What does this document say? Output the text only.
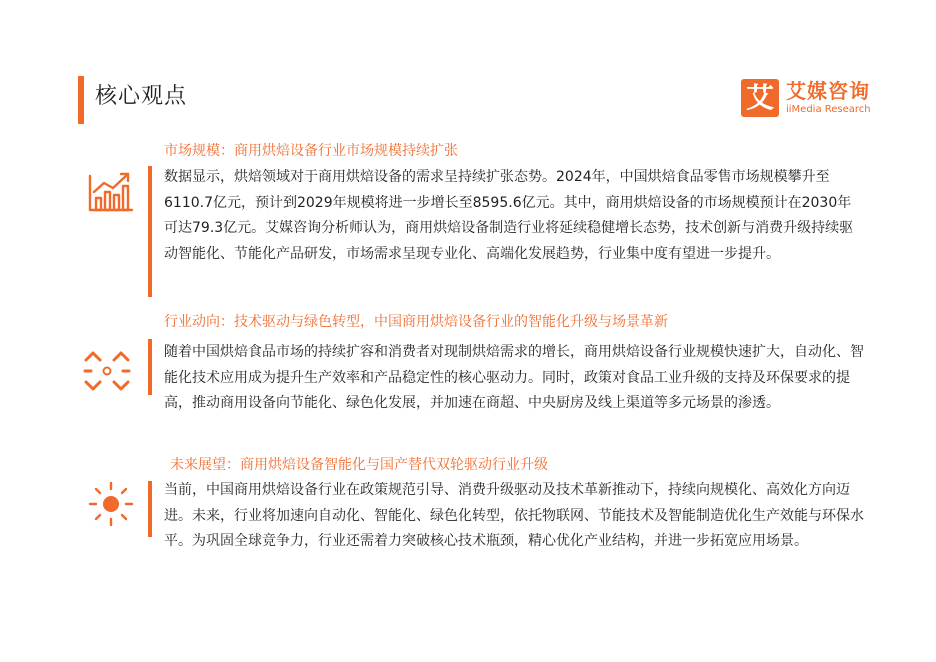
核心观点	艾 艾媒咨询
iiMedia Research
市场规模：商用烘焙设备行业市场规模持续扩张

数据显示，烘焙领域对于商用烘焙设备的需求呈持续扩张态势。2024年，中国烘焙食品零售市场规模攀升至6110.7亿元，预计到2029年规模将进一步增长至8595.6亿元。其中，商用烘焙设备的市场规模预计在2030年可达79.3亿元。艾媒咨询分析师认为，商用烘焙设备制造行业将延续稳健增长态势，技术创新与消费升级持续驱动智能化、节能化产品研发，市场需求呈现专业化、高端化发展趋势，行业集中度有望进一步提升。

行业动向：技术驱动与绿色转型，中国商用烘焙设备行业的智能化升级与场景革新

随着中国烘焙食品市场的持续扩容和消费者对现制烘焙需求的增长，商用烘焙设备行业规模快速扩大，自动化、智能化技术应用成为提升生产效率和产品稳定性的核心驱动力。同时，政策对食品工业升级的支持及环保要求的提高，推动商用设备向节能化、绿色化发展，并加速在商超、中央厨房及线上渠道等多元场景的渗透。

未来展望：商用烘焙设备智能化与国产替代双轮驱动行业升级

当前，中国商用烘焙设备行业在政策规范引导、消费升级驱动及技术革新推动下，持续向规模化、高效化方向迈进。未来，行业将加速向自动化、智能化、绿色化转型，依托物联网、节能技术及智能制造优化生产效能与环保水平。为巩固全球竞争力，行业还需着力突破核心技术瓶颈，精心优化产业结构，并进一步拓宽应用场景。
